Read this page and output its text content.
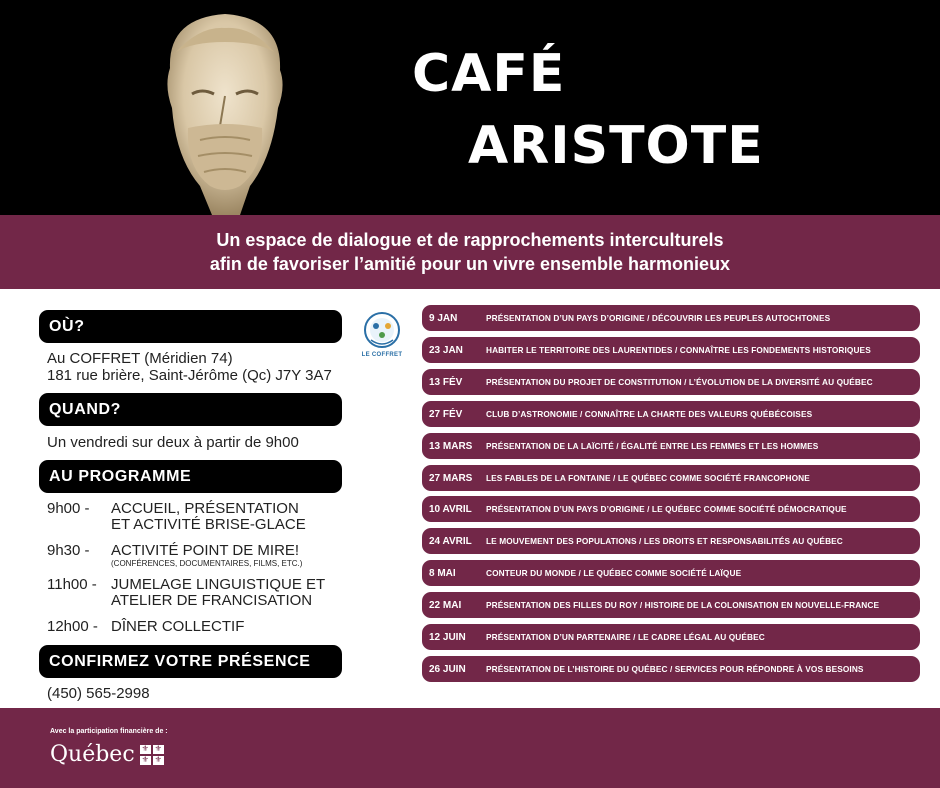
CAFÉ
ARISTOTE
Un espace de dialogue et de rapprochements interculturels
afin de favoriser l’amitié pour un vivre ensemble harmonieux
OÙ?
Au COFFRET (Méridien 74)
181 rue brière, Saint-Jérôme (Qc) J7Y 3A7
QUAND?
Un vendredi sur deux à partir de 9h00
AU PROGRAMME
9h00 -	ACCUEIL, PRÉSENTATION
ET ACTIVITÉ BRISE-GLACE
9h30 -	ACTIVITÉ POINT DE MIRE!
(CONFÉRENCES, DOCUMENTAIRES, FILMS, ETC.)
11h00 - JUMELAGE LINGUISTIQUE ET
ATELIER DE FRANCISATION
12h00 - DÎNER COLLECTIF
CONFIRMEZ VOTRE PRÉSENCE
(450) 565-2998
LE COFFRET
9 JAN	PRÉSENTATION D’UN PAYS D’ORIGINE / DÉCOUVRIR LES PEUPLES AUTOCHTONES
23 JAN	HABITER LE TERRITOIRE DES LAURENTIDES / CONNAÎTRE LES FONDEMENTS HISTORIQUES
13 FÉV	PRÉSENTATION DU PROJET DE CONSTITUTION / L’ÉVOLUTION DE LA DIVERSITÉ AU QUÉBEC
27 FÉV	CLUB D’ASTRONOMIE / CONNAÎTRE LA CHARTE DES VALEURS QUÉBÉCOISES
13 MARS	PRÉSENTATION DE LA LAÏCITÉ / ÉGALITÉ ENTRE LES FEMMES ET LES HOMMES
27 MARS	LES FABLES DE LA FONTAINE / LE QUÉBEC COMME SOCIÉTÉ FRANCOPHONE
10 AVRIL	PRÉSENTATION D’UN PAYS D’ORIGINE / LE QUÉBEC COMME SOCIÉTÉ DÉMOCRATIQUE
24 AVRIL	LE MOUVEMENT DES POPULATIONS / LES DROITS ET RESPONSABILITÉS AU QUÉBEC
8 MAI	CONTEUR DU MONDE / LE QUÉBEC COMME SOCIÉTÉ LAÏQUE
22 MAI	PRÉSENTATION DES FILLES DU ROY / HISTOIRE DE LA COLONISATION EN NOUVELLE-FRANCE
12 JUIN	PRÉSENTATION D’UN PARTENAIRE / LE CADRE LÉGAL AU QUÉBEC
26 JUIN	PRÉSENTATION DE L’HISTOIRE DU QUÉBEC / SERVICES POUR RÉPONDRE À VOS BESOINS
Avec la participation financière de :
Québec ⚜ ⚜
⚜ ⚜
